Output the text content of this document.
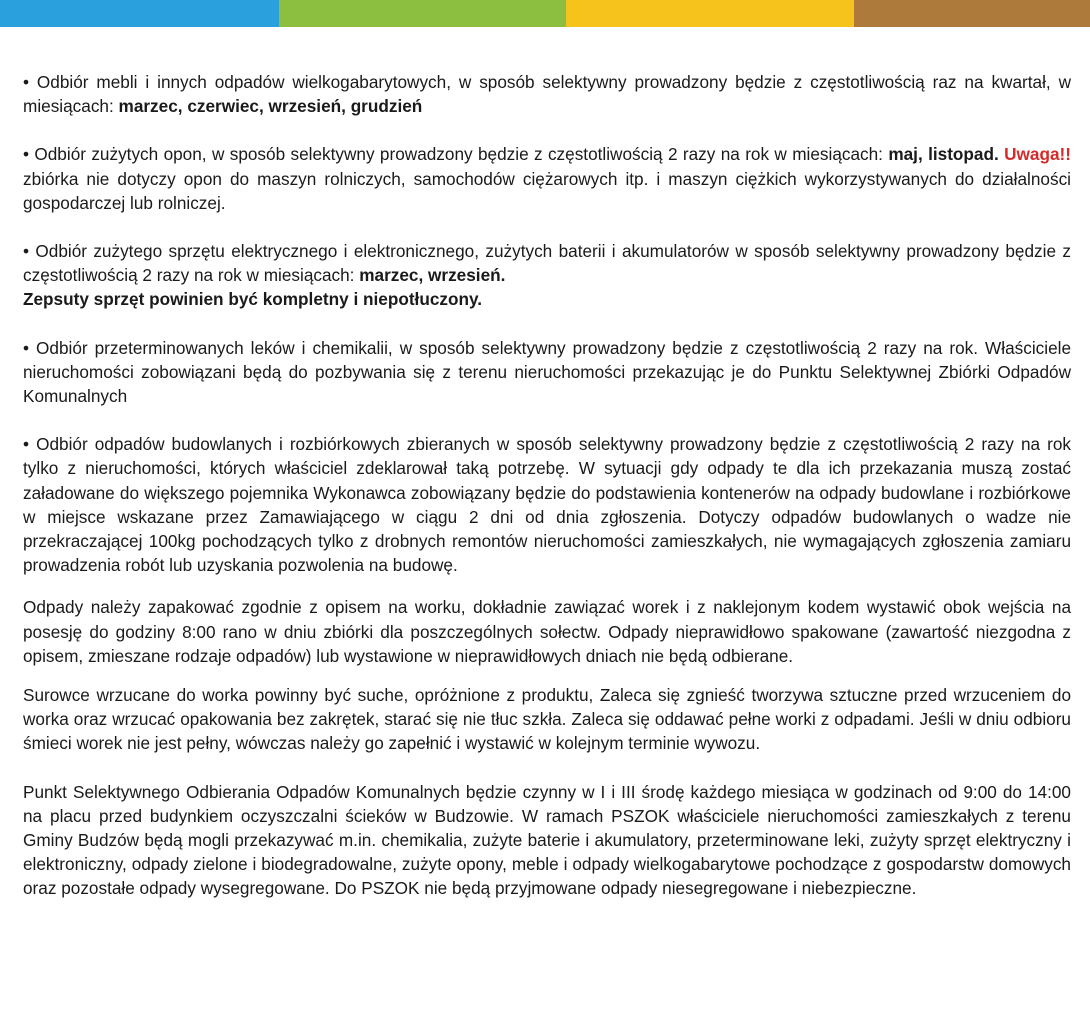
• Odbiór mebli i innych odpadów wielkogabarytowych, w sposób selektywny prowadzony będzie z częstotliwością raz na kwartał, w miesiącach: marzec, czerwiec, wrzesień, grudzień

• Odbiór zużytych opon, w sposób selektywny prowadzony będzie z częstotliwością 2 razy na rok w miesiącach: maj, listopad. Uwaga!! zbiórka nie dotyczy opon do maszyn rolniczych, samochodów ciężarowych itp. i maszyn ciężkich wykorzystywanych do działalności gospodarczej lub rolniczej.

• Odbiór zużytego sprzętu elektrycznego i elektronicznego, zużytych baterii i akumulatorów w sposób selektywny prowadzony będzie z częstotliwością 2 razy na rok w miesiącach: marzec, wrzesień.
Zepsuty sprzęt powinien być kompletny i niepotłuczony.

• Odbiór przeterminowanych leków i chemikalii, w sposób selektywny prowadzony będzie z częstotliwością 2 razy na rok. Właściciele nieruchomości zobowiązani będą do pozbywania się z terenu nieruchomości przekazując je do Punktu Selektywnej Zbiórki Odpadów Komunalnych

• Odbiór odpadów budowlanych i rozbiórkowych zbieranych w sposób selektywny prowadzony będzie z częstotliwością 2 razy na rok tylko z nieruchomości, których właściciel zdeklarował taką potrzebę. W sytuacji gdy odpady te dla ich przekazania muszą zostać załadowane do większego pojemnika Wykonawca zobowiązany będzie do podstawienia kontenerów na odpady budowlane i rozbiórkowe w miejsce wskazane przez Zamawiającego w ciągu 2 dni od dnia zgłoszenia. Dotyczy odpadów budowlanych o wadze nie przekraczającej 100kg pochodzących tylko z drobnych remontów nieruchomości zamieszkałych, nie wymagających zgłoszenia zamiaru prowadzenia robót lub uzyskania pozwolenia na budowę.

Odpady należy zapakować zgodnie z opisem na worku, dokładnie zawiązać worek i z naklejonym kodem wystawić obok wejścia na posesję do godziny 8:00 rano w dniu zbiórki dla poszczególnych sołectw. Odpady nieprawidłowo spakowane (zawartość niezgodna z opisem, zmieszane rodzaje odpadów) lub wystawione w nieprawidłowych dniach nie będą odbierane.

Surowce wrzucane do worka powinny być suche, opróżnione z produktu, Zaleca się zgnieść tworzywa sztuczne przed wrzuceniem do worka oraz wrzucać opakowania bez zakrętek, starać się nie tłuc szkła. Zaleca się oddawać pełne worki z odpadami. Jeśli w dniu odbioru śmieci worek nie jest pełny, wówczas należy go zapełnić i wystawić w kolejnym terminie wywozu.

Punkt Selektywnego Odbierania Odpadów Komunalnych będzie czynny w I i III środę każdego miesiąca w godzinach od 9:00 do 14:00 na placu przed budynkiem oczyszczalni ścieków w Budzowie. W ramach PSZOK właściciele nieruchomości zamieszkałych z terenu Gminy Budzów będą mogli przekazywać m.in. chemikalia, zużyte baterie i akumulatory, przeterminowane leki, zużyty sprzęt elektryczny i elektroniczny, odpady zielone i biodegradowalne, zużyte opony, meble i odpady wielkogabarytowe pochodzące z gospodarstw domowych oraz pozostałe odpady wysegregowane. Do PSZOK nie będą przyjmowane odpady niesegregowane i niebezpieczne.
